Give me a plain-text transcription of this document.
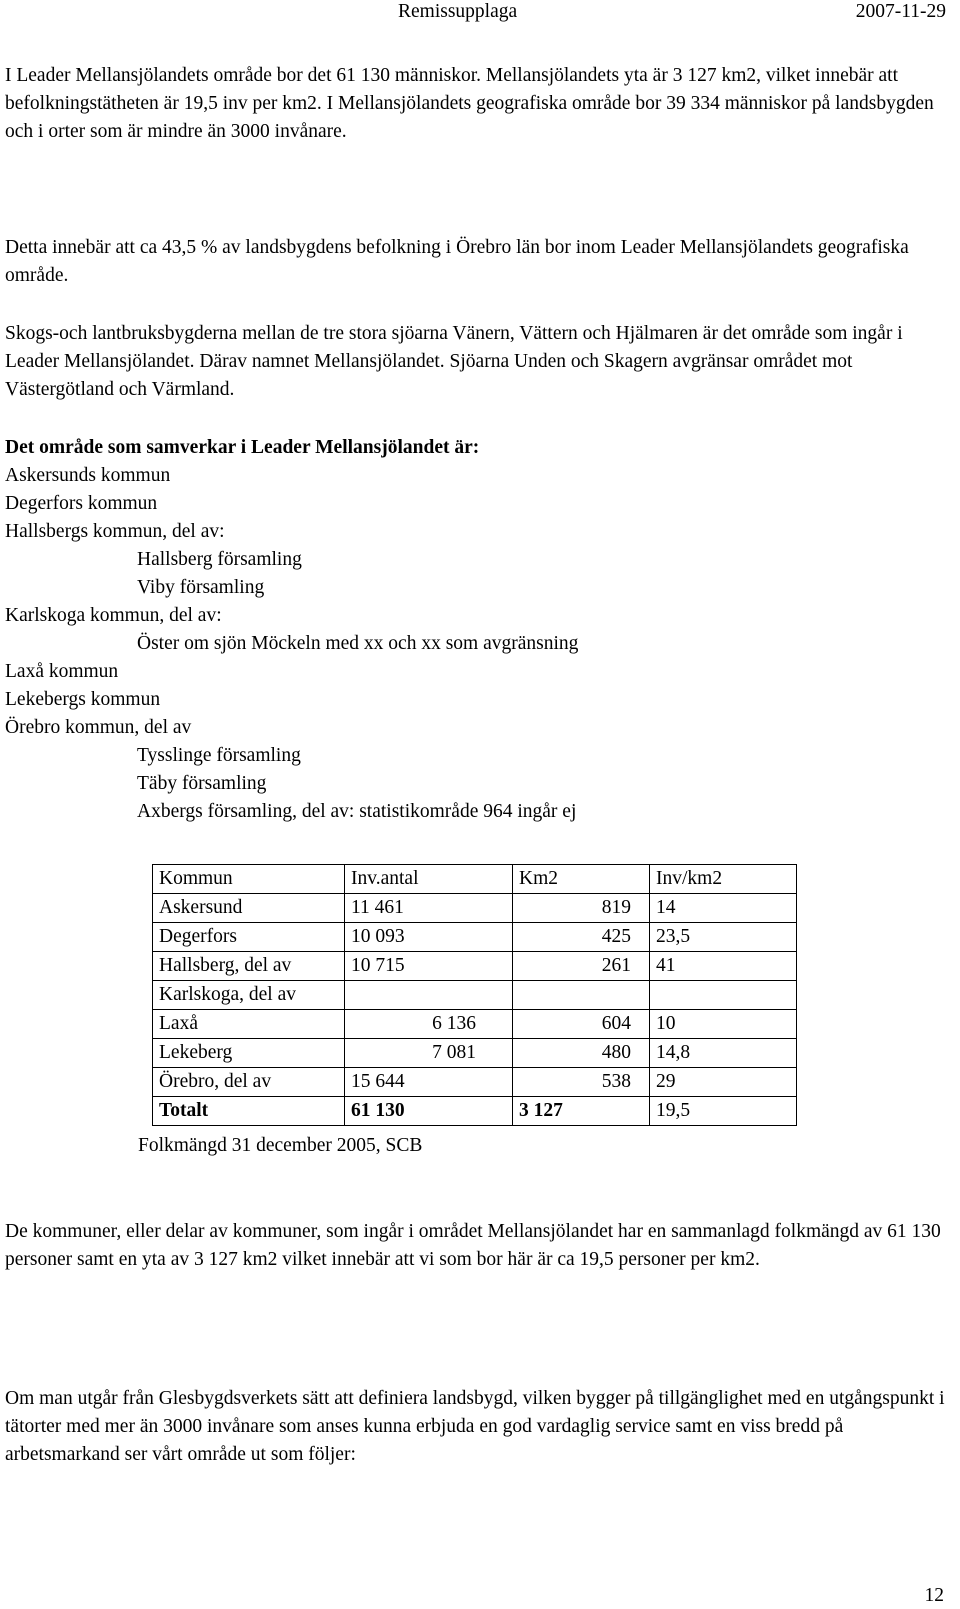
Remissupplaga	2007-11-29

I Leader Mellansjölandets område bor det 61 130 människor. Mellansjölandets yta är 3 127 km2, vilket innebär att befolkningstätheten är 19,5 inv per km2. I Mellansjölandets geografiska område bor 39 334 människor på landsbygden och i orter som är mindre än 3000 invånare.

Detta innebär att ca 43,5 % av landsbygdens befolkning i Örebro län bor inom Leader Mellansjölandets geografiska område.

Skogs-och lantbruksbygderna mellan de tre stora sjöarna Vänern, Vättern och Hjälmaren är det område som ingår i Leader Mellansjölandet. Därav namnet Mellansjölandet. Sjöarna Unden och Skagern avgränsar området mot Västergötland och Värmland.

Det område som samverkar i Leader Mellansjölandet är:
Askersunds kommun
Degerfors kommun
Hallsbergs kommun, del av:
Hallsberg församling
Viby församling
Karlskoga kommun, del av:
Öster om sjön Möckeln med xx och xx som avgränsning
Laxå kommun
Lekebergs kommun
Örebro kommun, del av
Tysslinge församling
Täby församling
Axbergs församling, del av: statistikområde 964 ingår ej
Kommun	Inv.antal	Km2	Inv/km2
Askersund	11 461	819	14
Degerfors	10 093	425	23,5
Hallsberg, del av	10 715	261	41
Karlskoga, del av			
Laxå	6 136	604	10
Lekeberg	7 081	480	14,8
Örebro, del av	15 644	538	29
Totalt	61 130	3 127	19,5
Folkmängd 31 december 2005, SCB

De kommuner, eller delar av kommuner, som ingår i området Mellansjölandet har en sammanlagd folkmängd av 61 130 personer samt en yta av 3 127 km2 vilket innebär att vi som bor här är ca 19,5 personer per km2.

Om man utgår från Glesbygdsverkets sätt att definiera landsbygd, vilken bygger på tillgänglighet med en utgångspunkt i tätorter med mer än 3000 invånare som anses kunna erbjuda en god vardaglig service samt en viss bredd på arbetsmarkand ser vårt område ut som följer:

12
